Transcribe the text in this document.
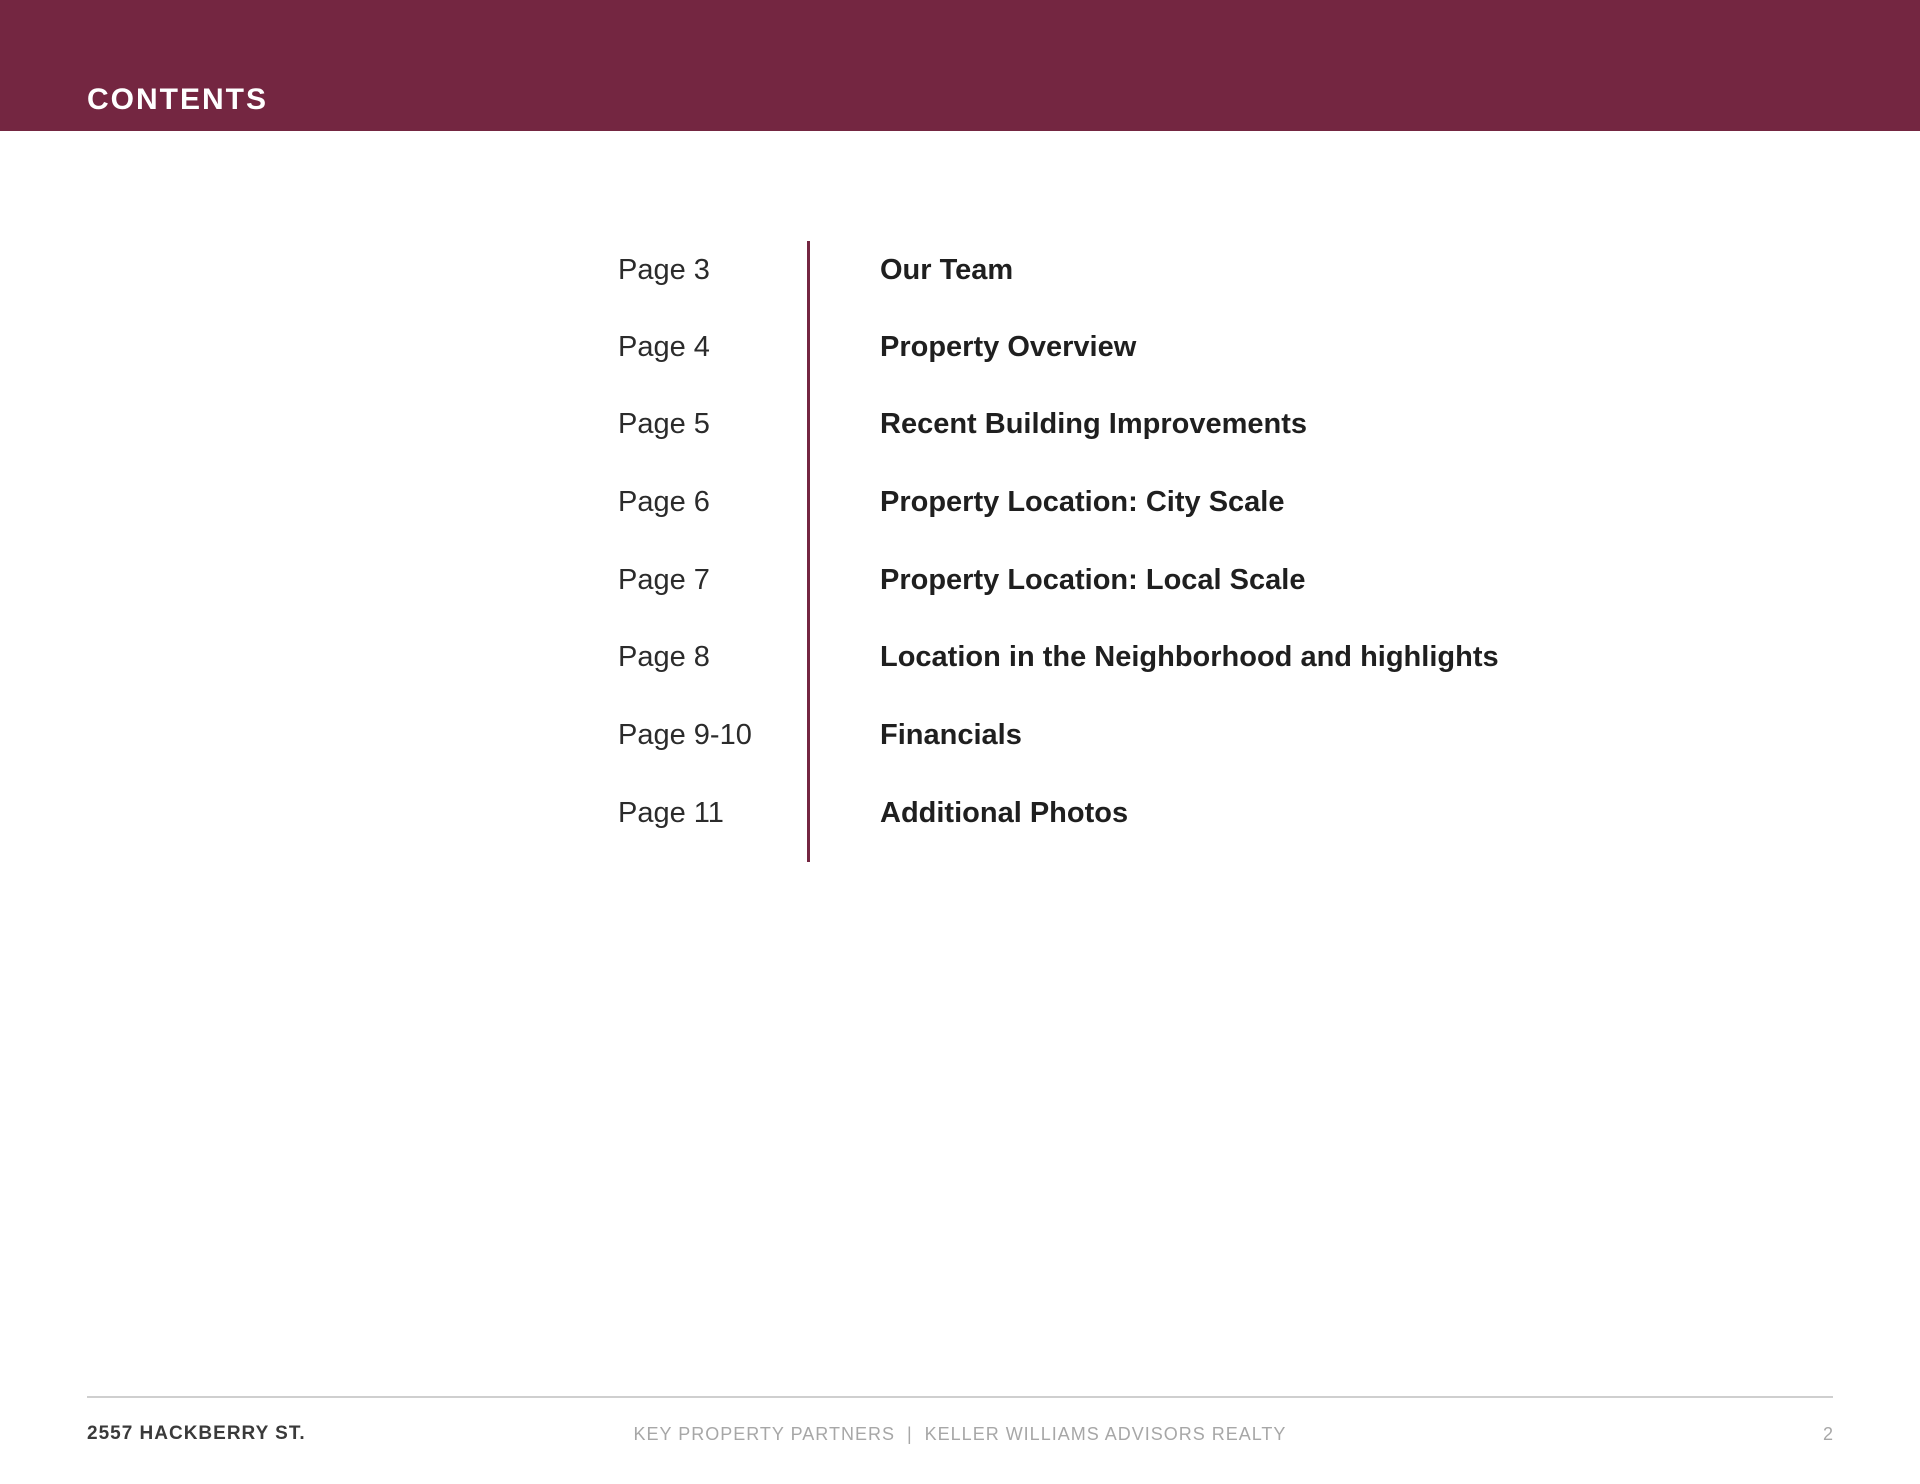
CONTENTS
Page 3	Our Team
Page 4	Property Overview
Page 5	Recent Building Improvements
Page 6	Property Location: City Scale
Page 7	Property Location: Local Scale
Page 8	Location in the Neighborhood and highlights
Page 9-10	Financials
Page 11	Additional Photos
2557 HACKBERRY ST.	KEY PROPERTY PARTNERS | KELLER WILLIAMS ADVISORS REALTY	2
